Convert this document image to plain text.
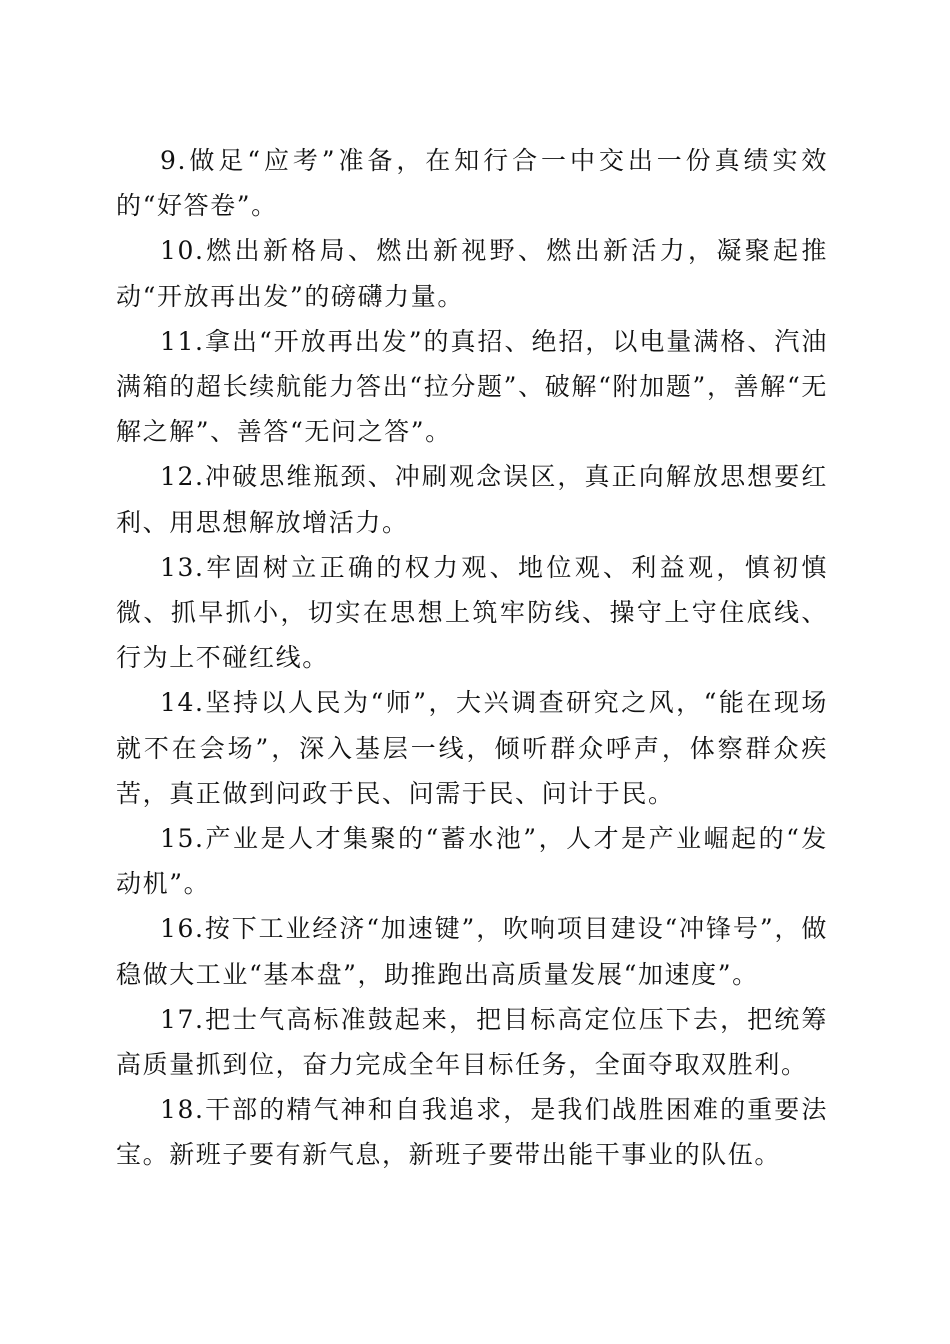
9.做足“应考”准备，在知行合一中交出一份真绩实效的“好答卷”。

10.燃出新格局、燃出新视野、燃出新活力，凝聚起推动“开放再出发”的磅礴力量。

11.拿出“开放再出发”的真招、绝招，以电量满格、汽油满箱的超长续航能力答出“拉分题”、破解“附加题”，善解“无解之解”、善答“无问之答”。

12.冲破思维瓶颈、冲刷观念误区，真正向解放思想要红利、用思想解放增活力。

13.牢固树立正确的权力观、地位观、利益观，慎初慎微、抓早抓小，切实在思想上筑牢防线、操守上守住底线、行为上不碰红线。

14.坚持以人民为“师”，大兴调查研究之风，“能在现场就不在会场”，深入基层一线，倾听群众呼声，体察群众疾苦，真正做到问政于民、问需于民、问计于民。

15.产业是人才集聚的“蓄水池”，人才是产业崛起的“发动机”。

16.按下工业经济“加速键”，吹响项目建设“冲锋号”，做稳做大工业“基本盘”，助推跑出高质量发展“加速度”。

17.把士气高标准鼓起来，把目标高定位压下去，把统筹高质量抓到位，奋力完成全年目标任务，全面夺取双胜利。

18.干部的精气神和自我追求，是我们战胜困难的重要法宝。新班子要有新气息，新班子要带出能干事业的队伍。
